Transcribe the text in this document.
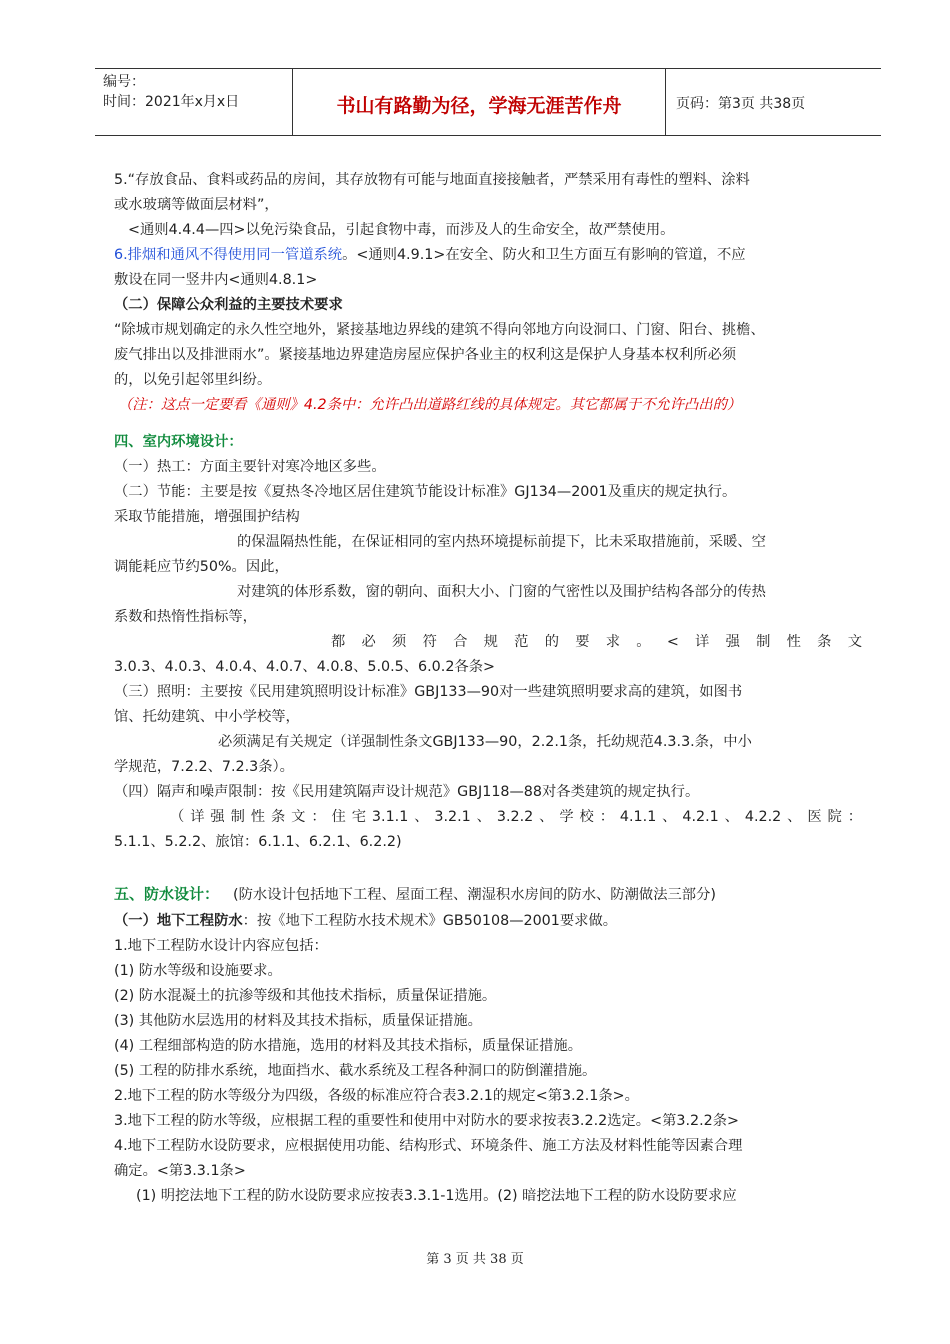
编号：
时间：2021年x月x日	书山有路勤为径，学海无涯苦作舟	页码：第3页 共38页
5.“存放食品、食料或药品的房间，其存放物有可能与地面直接接触者，严禁采用有毒性的塑料、涂料
或水玻璃等做面层材料”，
<通则4.4.4—四>以免污染食品，引起食物中毒，而涉及人的生命安全，故严禁使用。
6.排烟和通风不得使用同一管道系统。<通则4.9.1>在安全、防火和卫生方面互有影响的管道，不应
敷设在同一竖井内<通则4.8.1>
（二）保障公众利益的主要技术要求
“除城市规划确定的永久性空地外，紧接基地边界线的建筑不得向邻地方向设洞口、门窗、阳台、挑檐、
废气排出以及排泄雨水”。紧接基地边界建造房屋应保护各业主的权利这是保护人身基本权利所必须
的，以免引起邻里纠纷。
（注：这点一定要看《通则》4.2条中：允许凸出道路红线的具体规定。其它都属于不允许凸出的）
四、室内环境设计：
（一）热工：方面主要针对寒冷地区多些。
（二）节能：主要是按《夏热冬冷地区居住建筑节能设计标准》GJ134—2001及重庆的规定执行。
采取节能措施，增强围护结构
的保温隔热性能，在保证相同的室内热环境提标前提下，比未采取措施前，采暖、空
调能耗应节约50%。因此，
对建筑的体形系数，窗的朝向、面积大小、门窗的气密性以及围护结构各部分的传热
系数和热惰性指标等，
都必须符合规范的要求。<详强制性条文
3.0.3、4.0.3、4.0.4、4.0.7、4.0.8、5.0.5、6.0.2各条>
（三）照明：主要按《民用建筑照明设计标准》GBJ133—90对一些建筑照明要求高的建筑，如图书
馆、托幼建筑、中小学校等，
必须满足有关规定（详强制性条文GBJ133—90，2.2.1条，托幼规范4.3.3.条，中小
学规范，7.2.2、7.2.3条）。
（四）隔声和噪声限制：按《民用建筑隔声设计规范》GBJ118—88对各类建筑的规定执行。
（详强制性条文：住宅3.1.1、3.2.1、3.2.2、学校：4.1.1、4.2.1、4.2.2、医院：
5.1.1、5.2.2、旅馆：6.1.1、6.2.1、6.2.2)
五、防水设计： (防水设计包括地下工程、屋面工程、潮湿积水房间的防水、防潮做法三部分)
（一）地下工程防水：按《地下工程防水技术规术》GB50108—2001要求做。
1.地下工程防水设计内容应包括：
(1) 防水等级和设施要求。
(2) 防水混凝土的抗渗等级和其他技术指标，质量保证措施。
(3) 其他防水层选用的材料及其技术指标，质量保证措施。
(4) 工程细部构造的防水措施，选用的材料及其技术指标，质量保证措施。
(5) 工程的防排水系统，地面挡水、截水系统及工程各种洞口的防倒灌措施。
2.地下工程的防水等级分为四级，各级的标准应符合表3.2.1的规定<第3.2.1条>。
3.地下工程的防水等级，应根据工程的重要性和使用中对防水的要求按表3.2.2选定。<第3.2.2条>
4.地下工程防水设防要求，应根据使用功能、结构形式、环境条件、施工方法及材料性能等因素合理
确定。<第3.3.1条>
(1) 明挖法地下工程的防水设防要求应按表3.3.1-1选用。(2) 暗挖法地下工程的防水设防要求应
第 3 页 共 38 页
